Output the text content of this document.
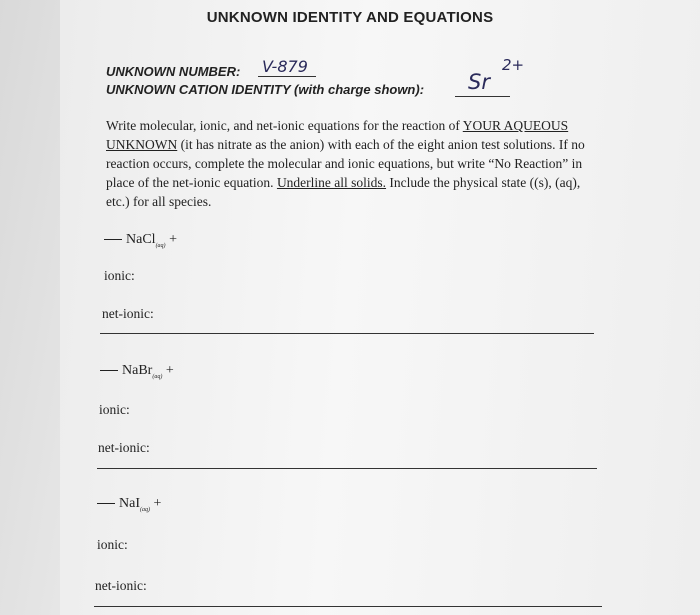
UNKNOWN IDENTITY AND EQUATIONS
UNKNOWN NUMBER: V-879
UNKNOWN CATION IDENTITY (with charge shown): Sr
2+
Write molecular, ionic, and net-ionic equations for the reaction of YOUR AQUEOUS UNKNOWN (it has nitrate as the anion) with each of the eight anion test solutions. If no reaction occurs, complete the molecular and ionic equations, but write “No Reaction” in place of the net-ionic equation. Underline all solids. Include the physical state ((s), (aq), etc.) for all species.
NaCl$_{(aq)}$ +
ionic:
net-ionic:
NaBr$_{(aq)}$ +
ionic:
net-ionic:
NaI$_{(aq)}$ +
ionic:
net-ionic:
